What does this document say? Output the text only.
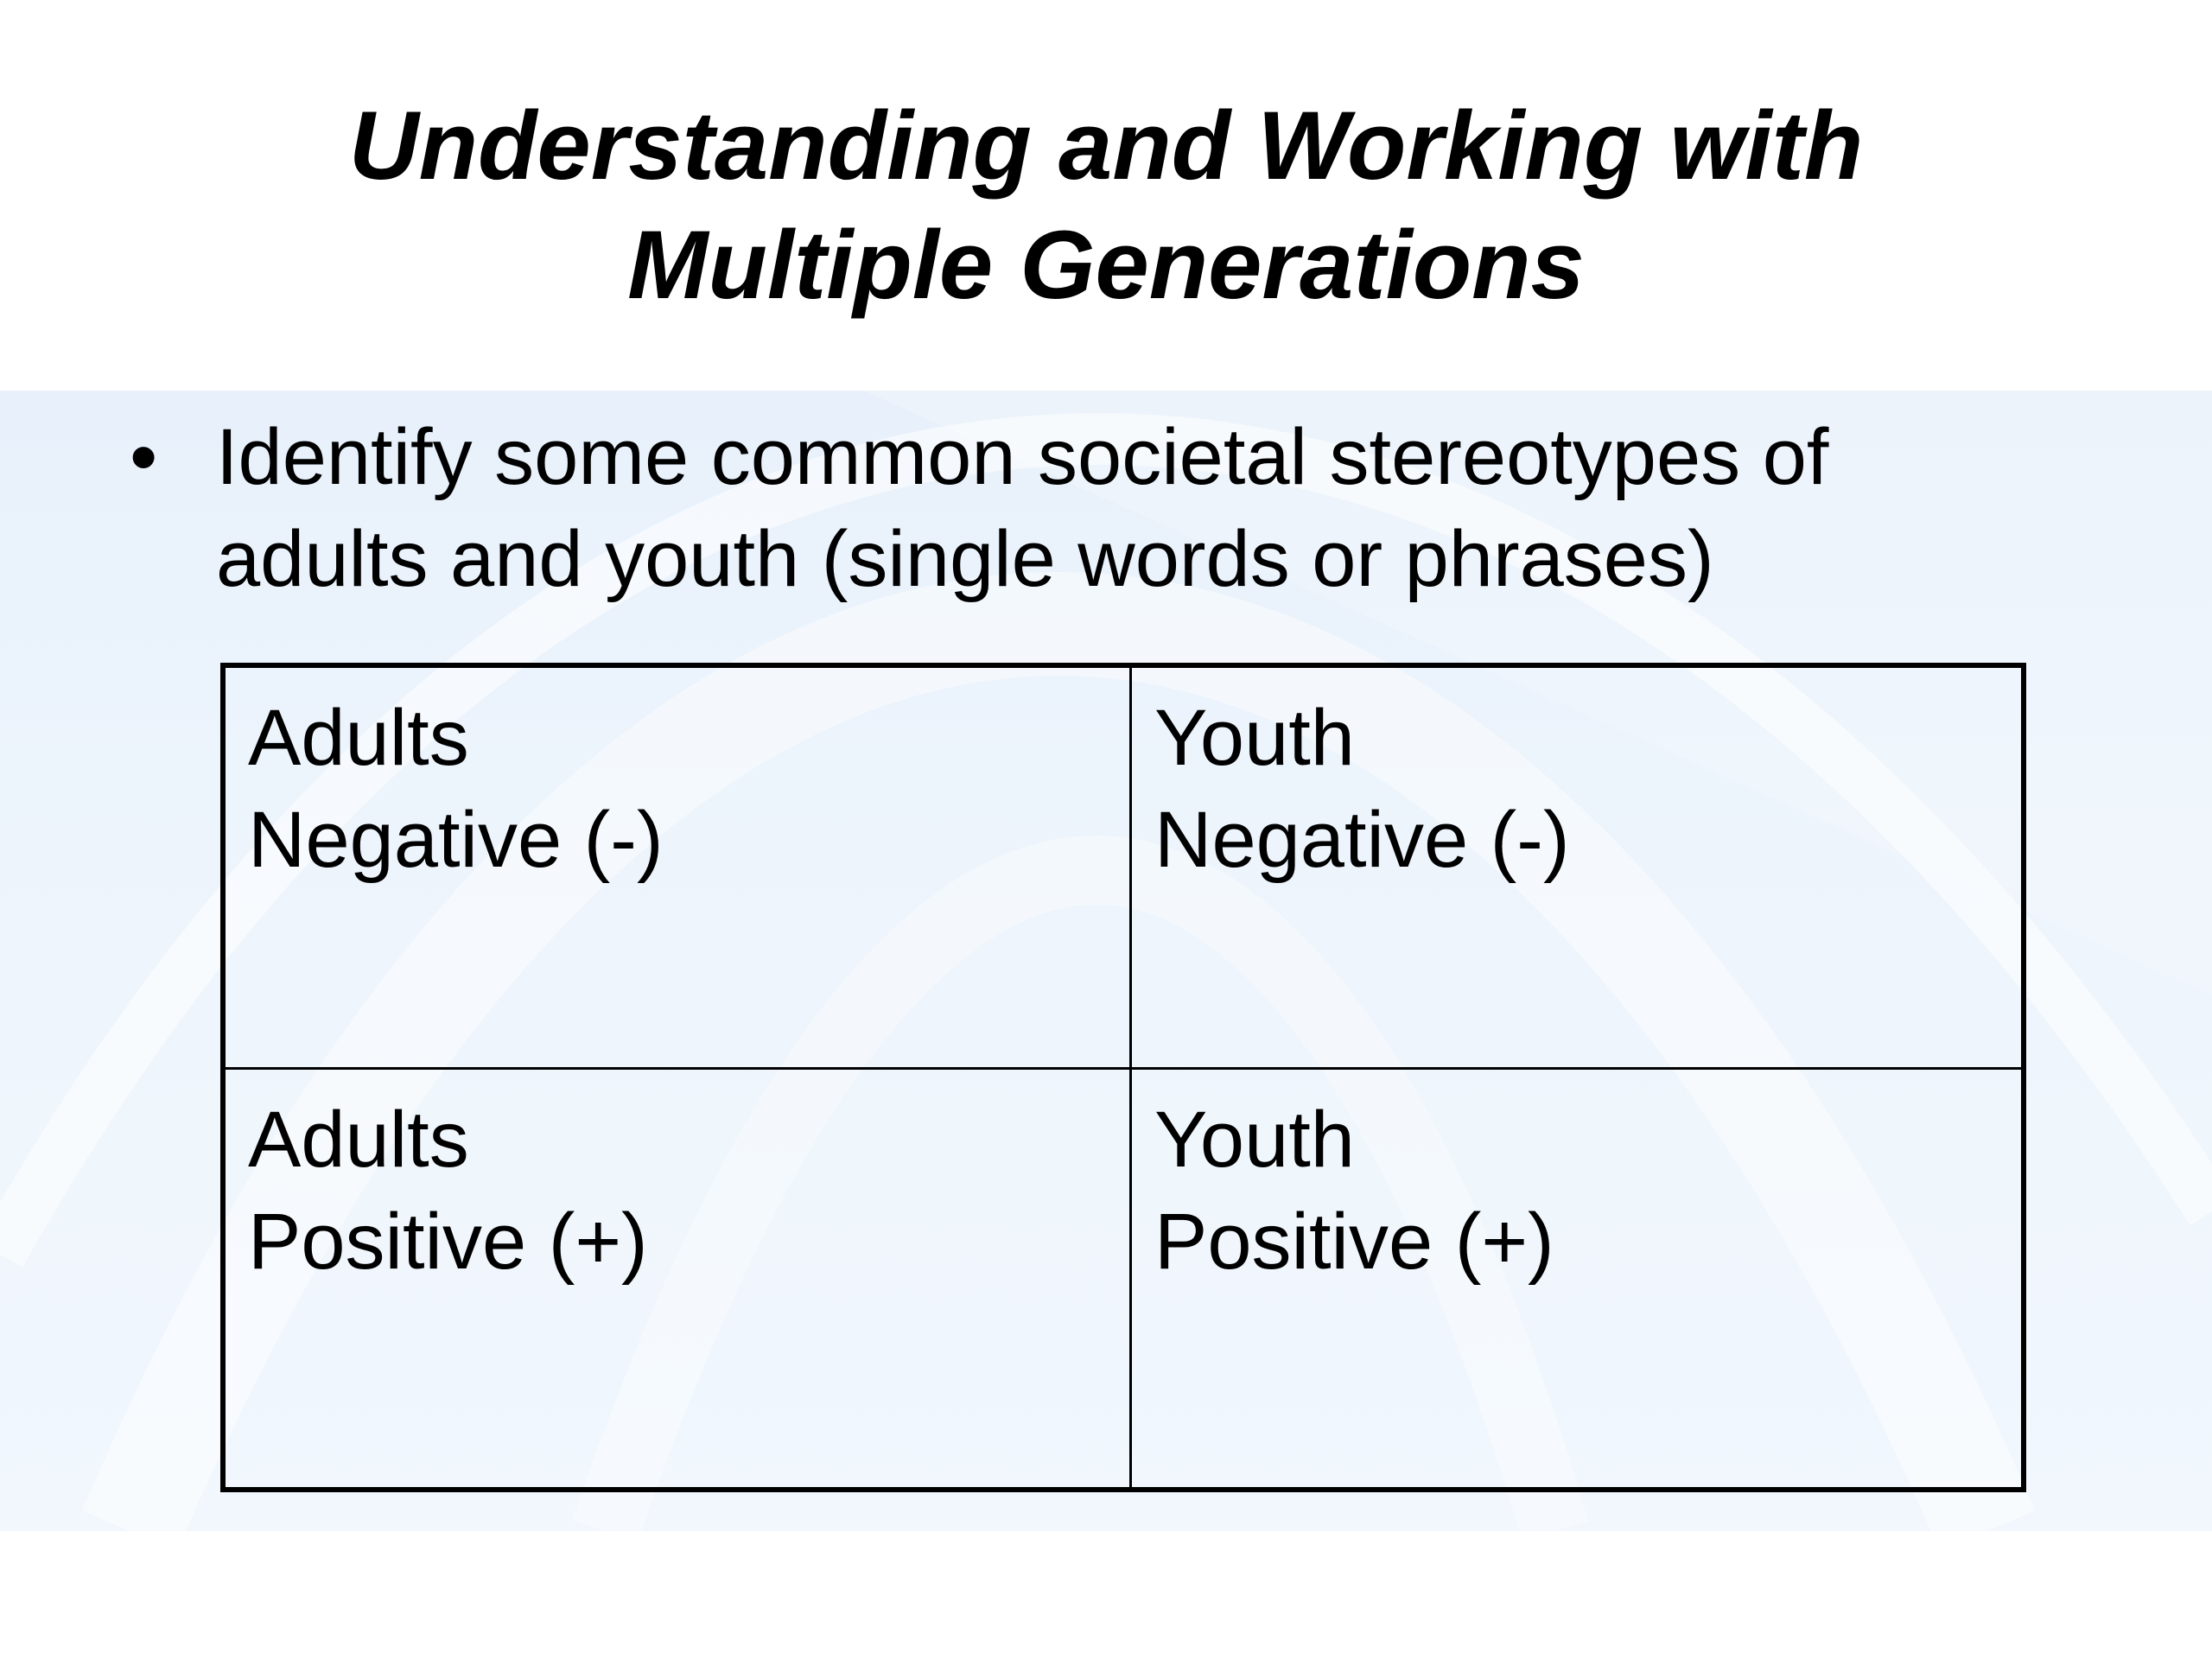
Understanding and Working with
Multiple Generations
• Identify some common societal stereotypes of
adults and youth (single words or phrases)
Adults
Negative (-)
Youth
Negative (-)
Adults
Positive (+)
Youth
Positive (+)
